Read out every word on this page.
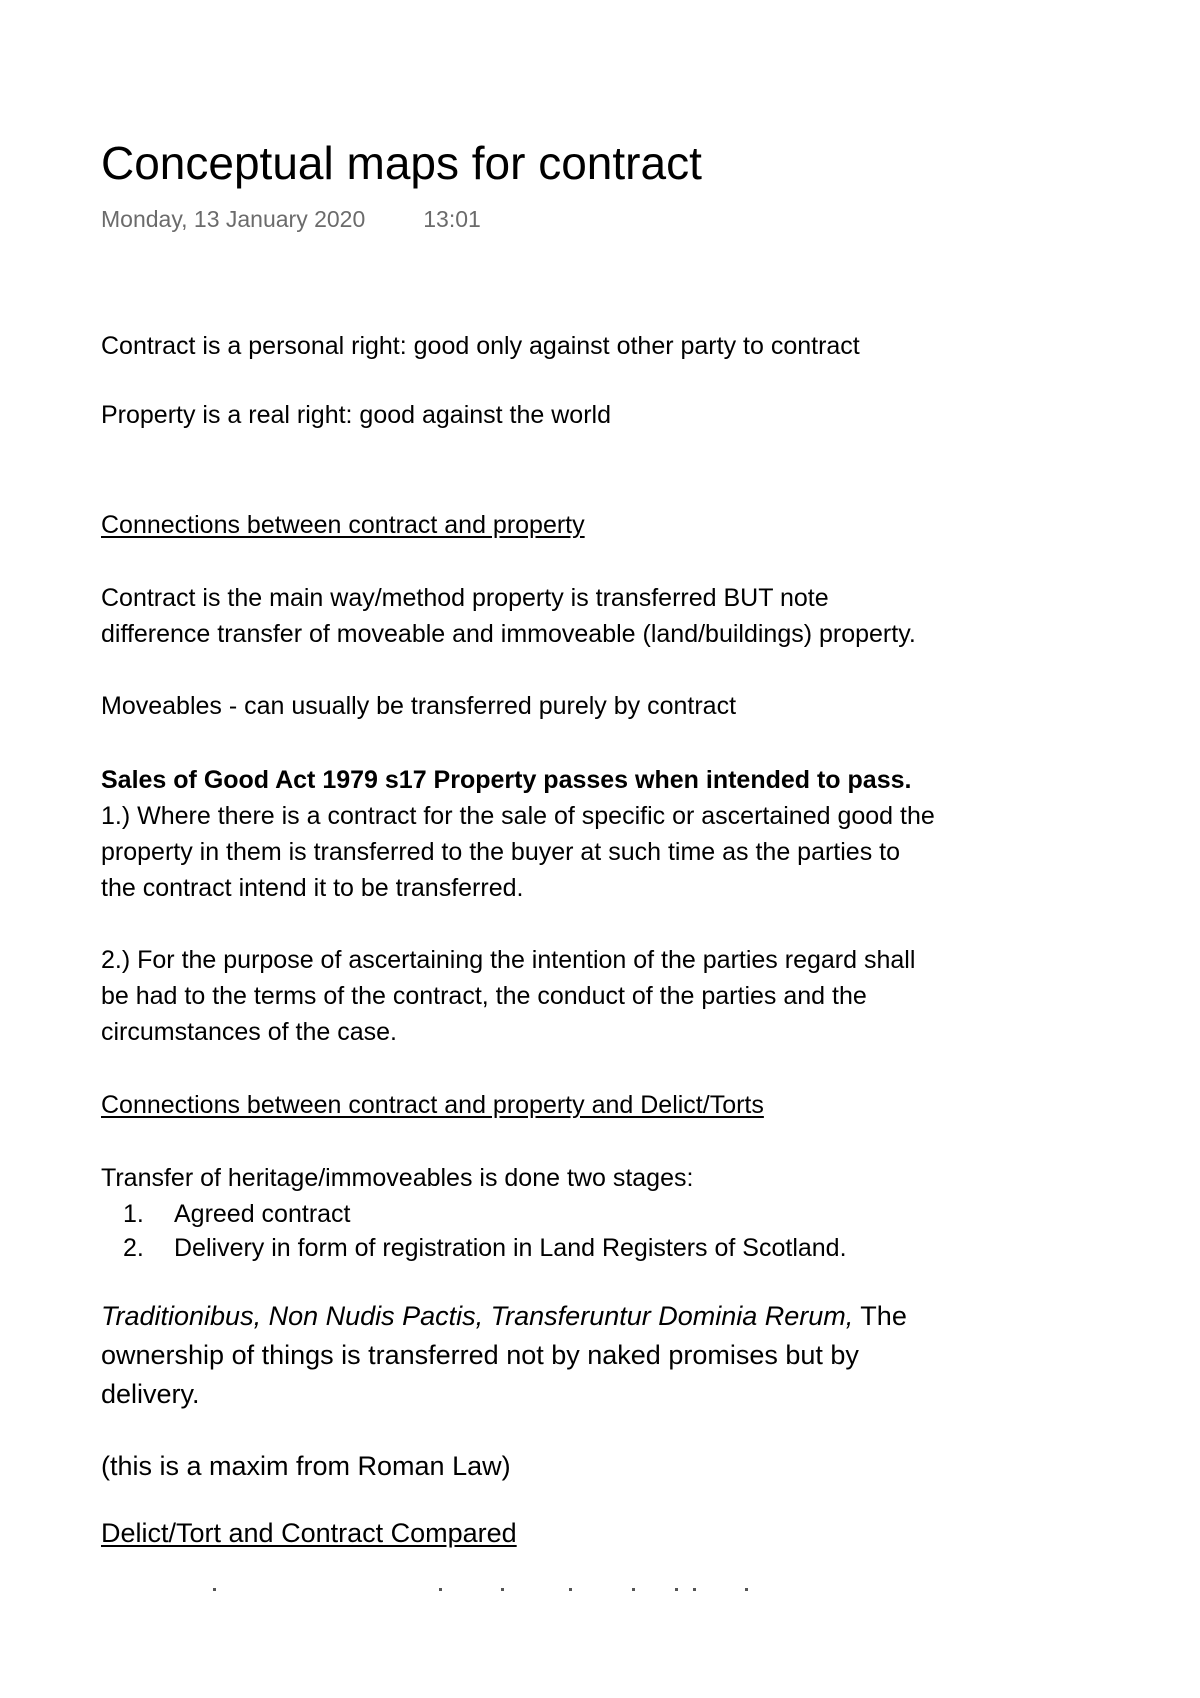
Conceptual maps for contract
Monday, 13 January 2020	13:01
Contract is a personal right: good only against other party to contract
Property is a real right: good against the world
Connections between contract and property
Contract is the main way/method property is transferred BUT note
difference transfer of moveable and immoveable (land/buildings) property.
Moveables - can usually be transferred purely by contract
Sales of Good Act 1979 s17 Property passes when intended to pass.
1.) Where there is a contract for the sale of specific or ascertained good the
property in them is transferred to the buyer at such time as the parties to
the contract intend it to be transferred.
2.) For the purpose of ascertaining the intention of the parties regard shall
be had to the terms of the contract, the conduct of the parties and the
circumstances of the case.
Connections between contract and property and Delict/Torts
Transfer of heritage/immoveables is done two stages:
1. Agreed contract
2. Delivery in form of registration in Land Registers of Scotland.
Traditionibus, Non Nudis Pactis, Transferuntur Dominia Rerum, The
ownership of things is transferred not by naked promises but by
delivery.
(this is a maxim from Roman Law)
Delict/Tort and Contract Compared
